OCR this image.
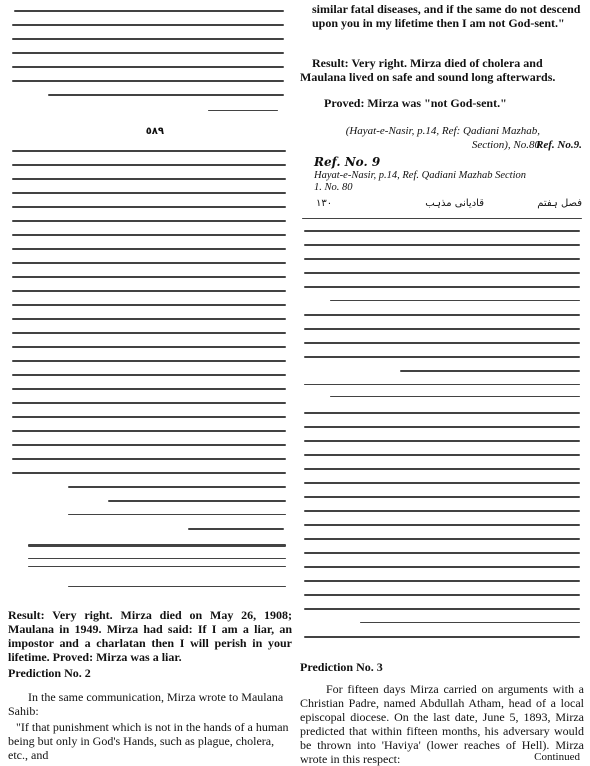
٥٨٩
Result: Very right. Mirza died on May 26, 1908; Maulana in 1949. Mirza had said: If I am a liar, an impostor and a charlatan then I will perish in your lifetime. Proved: Mirza was a liar.
Prediction No. 2
In the same communication, Mirza wrote to Maulana Sahib:
"If that punishment which is not in the hands of a human being but only in God's Hands, such as plague, cholera, etc., and
similar fatal diseases, and if the same do not descend upon you in my lifetime then I am not God-sent."
Result: Very right. Mirza died of cholera and Maulana lived on safe and sound long afterwards.
Proved: Mirza was "not God-sent."
(Hayat-e-Nasir, p.14, Ref: Qadiani Mazhab, Section), No.80
Ref. No.9.
Ref. No. 9
Hayat-e-Nasir, p.14, Ref. Qadiani Mazhab Section
1. No. 80
١٣٠	قادیانی مذہب	فصل ہفتم
Prediction No. 3
For fifteen days Mirza carried on arguments with a Christian Padre, named Abdullah Atham, head of a local episcopal diocese. On the last date, June 5, 1893, Mirza predicted that within fifteen months, his adversary would be thrown into 'Haviya' (lower reaches of Hell). Mirza wrote in this respect:	Continued
